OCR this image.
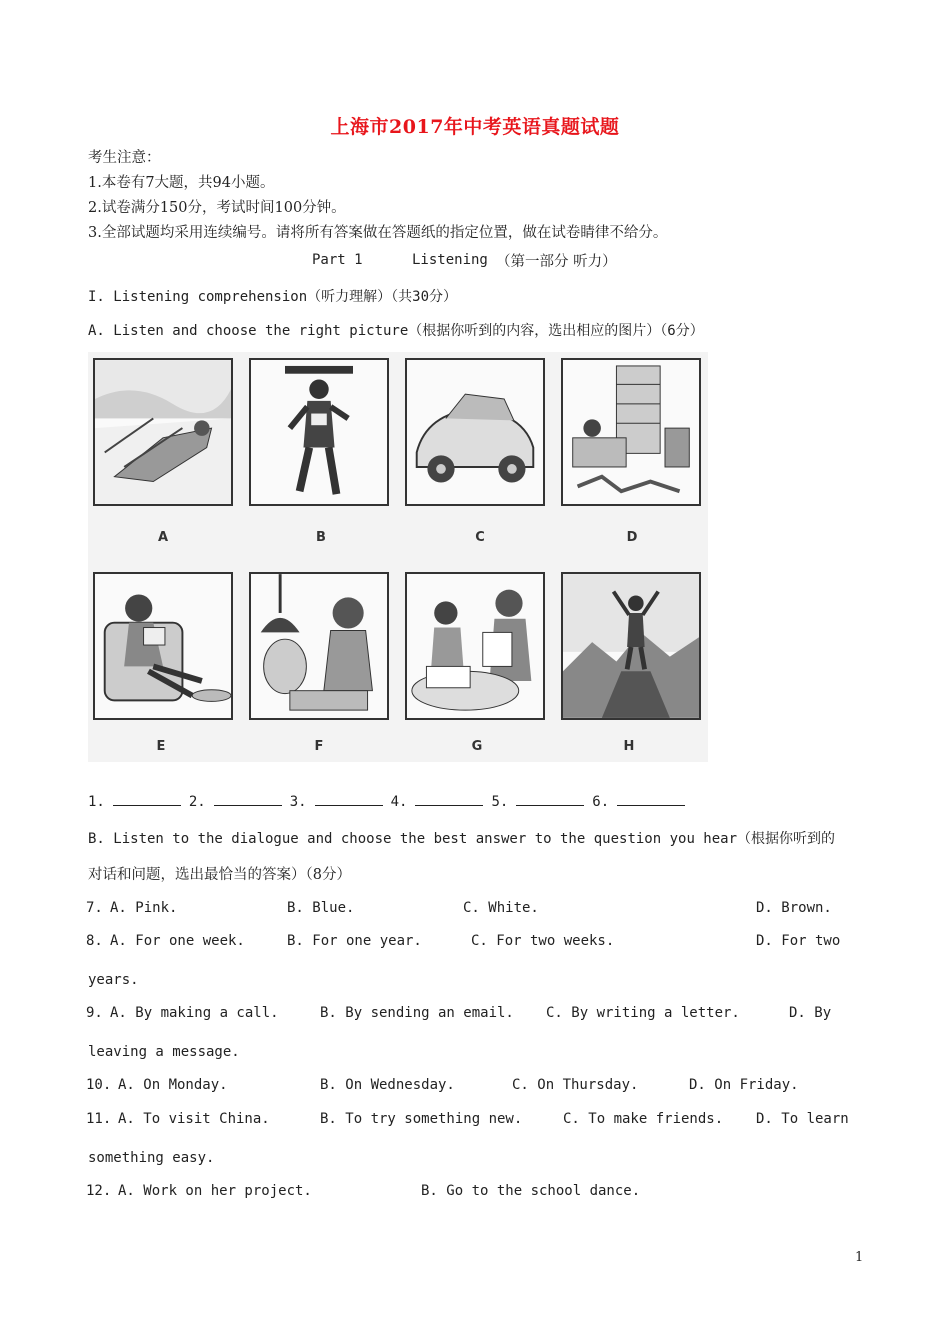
上海市2017年中考英语真题试题
考生注意：
1.本卷有7大题，共94小题。
2.试卷满分150分，考试时间100分钟。
3.全部试题均采用连续编号。请将所有答案做在答题纸的指定位置，做在试卷睛律不给分。
Part 1	Listening （第一部分 听力）
I. Listening comprehension（听力理解）（共30分）
A. Listen and choose the right picture（根据你听到的内容，选出相应的图片）（6分）
A	B	C	D
E	F	G	H
1.	2.	3.	4.	5.	6.
B. Listen to the dialogue and choose the best answer to the question you hear（根据你听到的
对话和问题，选出最恰当的答案）（8分）
7. A. Pink.	B. Blue.	C. White.	D. Brown.
8. A. For one week.	B. For one year.	C. For two weeks.	D. For two
years.
9. A. By making a call.	B. By sending an email. C. By writing a letter.	D. By
leaving a message.
10. A. On Monday.	B. On Wednesday.	C. On Thursday.	D. On Friday.
11. A. To visit China.	B. To try something new.	C. To make friends. D. To learn
something easy.
12. A. Work on her project.	B. Go to the school dance.
1
